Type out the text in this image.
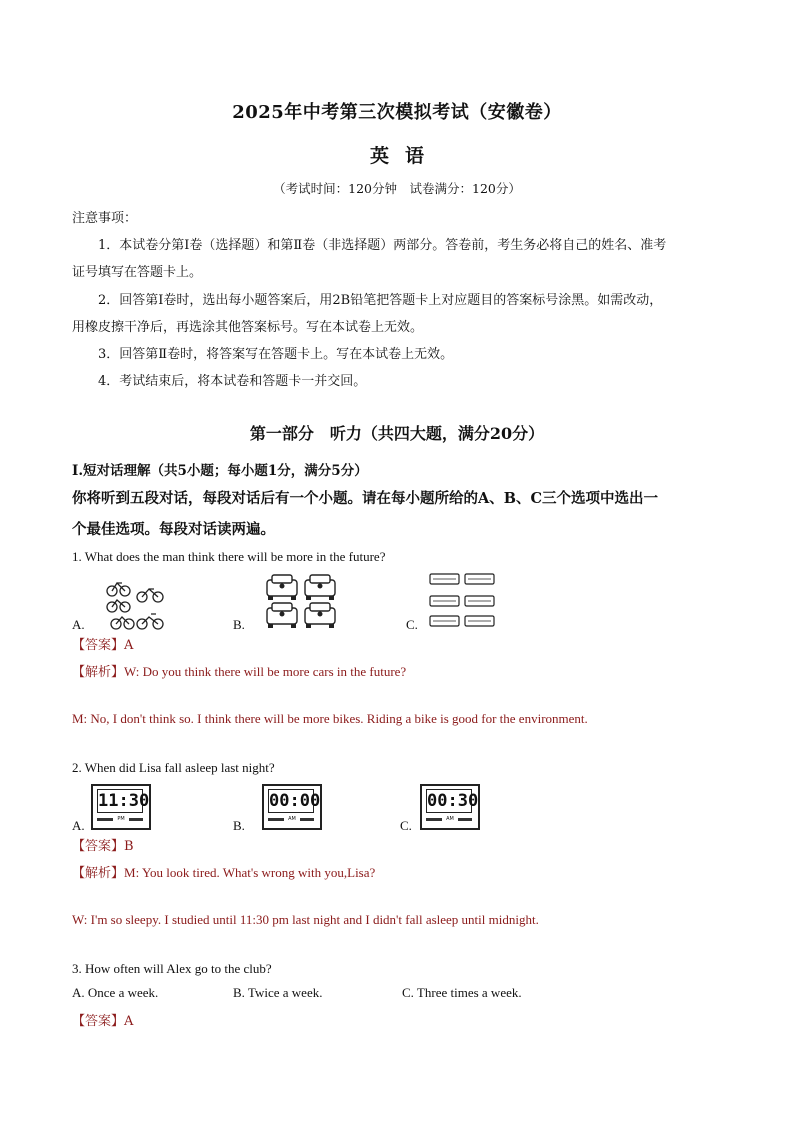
2025年中考第三次模拟考试（安徽卷）
英语
（考试时间：120分钟　试卷满分：120分）
注意事项：
1．本试卷分第Ⅰ卷（选择题）和第Ⅱ卷（非选择题）两部分。答卷前，考生务必将自己的姓名、准考
证号填写在答题卡上。
2．回答第Ⅰ卷时，选出每小题答案后，用2B铅笔把答题卡上对应题目的答案标号涂黑。如需改动，
用橡皮擦干净后，再选涂其他答案标号。写在本试卷上无效。
3．回答第Ⅱ卷时，将答案写在答题卡上。写在本试卷上无效。
4．考试结束后，将本试卷和答题卡一并交回。
第一部分　听力（共四大题，满分20分）
Ⅰ.短对话理解（共5小题；每小题1分，满分5分）
你将听到五段对话，每段对话后有一个小题。请在每小题所给的A、B、C三个选项中选出一
个最佳选项。每段对话读两遍。
1. What does the man think there will be more in the future?
A.	B.	C.
【答案】A
【解析】W: Do you think there will be more cars in the future?
M: No, I don't think so. I think there will be more bikes. Riding a bike is good for the environment.
2. When did Lisa fall asleep last night?
A.
11:30
PM	B.
00:00
AM	C.
00:30
AM
【答案】B
【解析】M: You look tired. What's wrong with you,Lisa?
W: I'm so sleepy. I studied until 11:30 pm last night and I didn't fall asleep until midnight.
3. How often will Alex go to the club?
A. Once a week.	B. Twice a week.	C. Three times a week.
【答案】A
